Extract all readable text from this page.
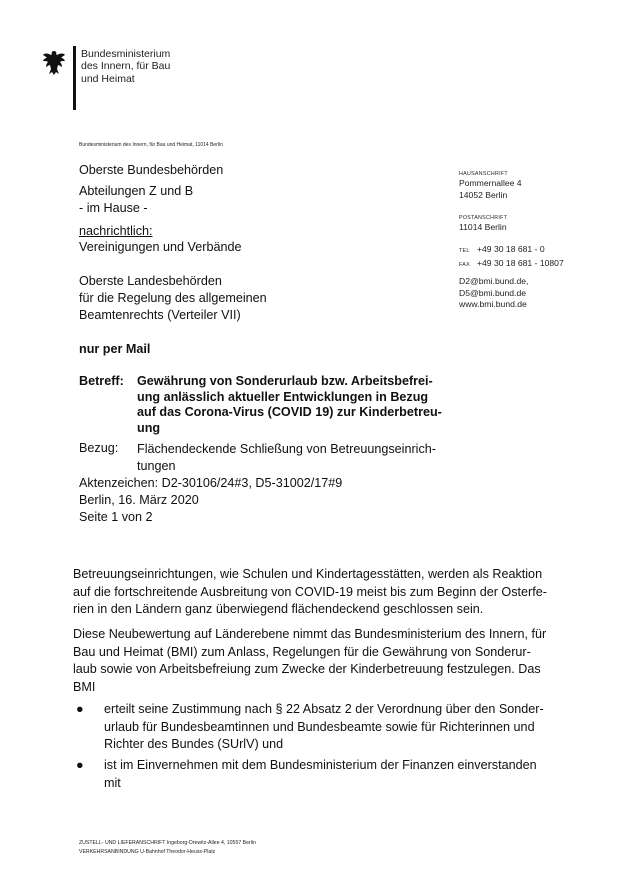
Bundesministerium
des Innern, für Bau
und Heimat
Bundesministerium des Innern, für Bau und Heimat, 11014 Berlin
Oberste Bundesbehörden
Abteilungen Z und B
- im Hause -
nachrichtlich:
Vereinigungen und Verbände
Oberste Landesbehörden
für die Regelung des allgemeinen
Beamtenrechts (Verteiler VII)
HAUSANSCHRIFT
Pommernallee 4
14052 Berlin
POSTANSCHRIFT
11014 Berlin
TEL +49 30 18 681 - 0
FAX +49 30 18 681 - 10807
D2@bmi.bund.de,
D5@bmi.bund.de
www.bmi.bund.de
nur per Mail
Betreff: Gewährung von Sonderurlaub bzw. Arbeitsbefrei-
ung anlässlich aktueller Entwicklungen in Bezug
auf das Corona-Virus (COVID 19) zur Kinderbetreu-
ung
Bezug: Flächendeckende Schließung von Betreuungseinrich-
tungen
Aktenzeichen: D2-30106/24#3, D5-31002/17#9
Berlin, 16. März 2020
Seite 1 von 2
Betreuungseinrichtungen, wie Schulen und Kindertagesstätten, werden als Reaktion
auf die fortschreitende Ausbreitung von COVID-19 meist bis zum Beginn der Osterfe-
rien in den Ländern ganz überwiegend flächendeckend geschlossen sein.
Diese Neubewertung auf Länderebene nimmt das Bundesministerium des Innern, für
Bau und Heimat (BMI) zum Anlass, Regelungen für die Gewährung von Sonderur-
laub sowie von Arbeitsbefreiung zum Zwecke der Kinderbetreuung festzulegen. Das
BMI
● erteilt seine Zustimmung nach § 22 Absatz 2 der Verordnung über den Sonder-
urlaub für Bundesbeamtinnen und Bundesbeamte sowie für Richterinnen und
Richter des Bundes (SUrlV) und
● ist im Einvernehmen mit dem Bundesministerium der Finanzen einverstanden
mit
ZUSTELL- UND LIEFERANSCHRIFT Ingeborg-Drewitz-Allee 4, 10557 Berlin
VERKEHRSANBINDUNG U-Bahnhof Theodor-Heuss-Platz
